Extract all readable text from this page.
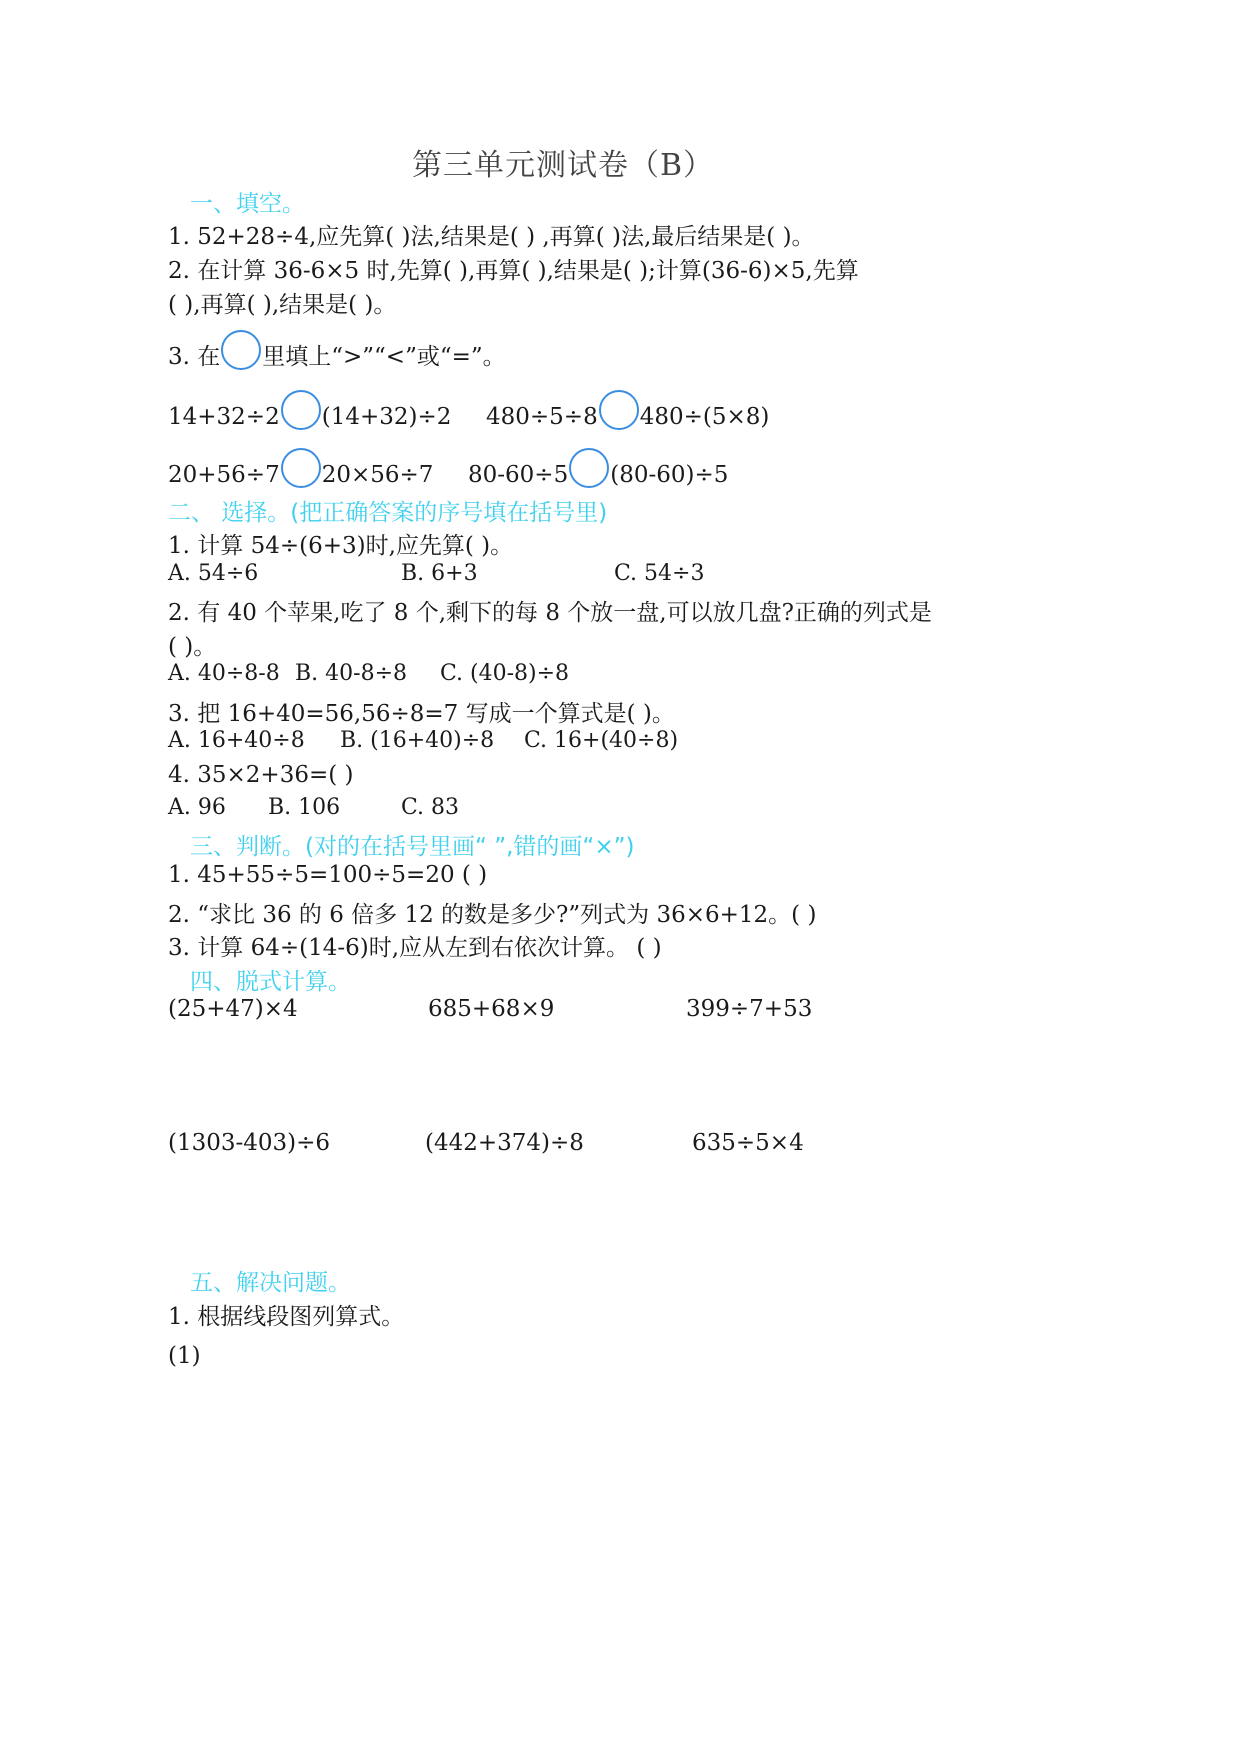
第三单元测试卷（B）
一、填空。
1. 52+28÷4,应先算( )法,结果是( ) ,再算( )法,最后结果是( )。
2. 在计算 36-6×5 时,先算( ),再算( ),结果是( );计算(36-6)×5,先算
( ),再算( ),结果是( )。
3. 在 里填上“>”“<”或“=”。
14+32÷2 (14+32)÷2 480÷5÷8 480÷(5×8)
20+56÷7 20×56÷7 80-60÷5 (80-60)÷5
二、 选择。(把正确答案的序号填在括号里)
1. 计算 54÷(6+3)时,应先算( )。
A. 54÷6	B. 6+3	C. 54÷3
2. 有 40 个苹果,吃了 8 个,剩下的每 8 个放一盘,可以放几盘?正确的列式是
( )。
A. 40÷8-8 B. 40-8÷8 C. (40-8)÷8
3. 把 16+40=56,56÷8=7 写成一个算式是( )。
A. 16+40÷8 B. (16+40)÷8 C. 16+(40÷8)
4. 35×2+36=( )
A. 96 B. 106	C. 83
三、判断。(对的在括号里画“ ”,错的画“×”)
1. 45+55÷5=100÷5=20 ( )
2. “求比 36 的 6 倍多 12 的数是多少?”列式为 36×6+12。( )
3. 计算 64÷(14-6)时,应从左到右依次计算。 ( )
四、脱式计算。
(25+47)×4	685+68×9	399÷7+53
(1303-403)÷6	(442+374)÷8	635÷5×4
五、解决问题。
1. 根据线段图列算式。
(1)
